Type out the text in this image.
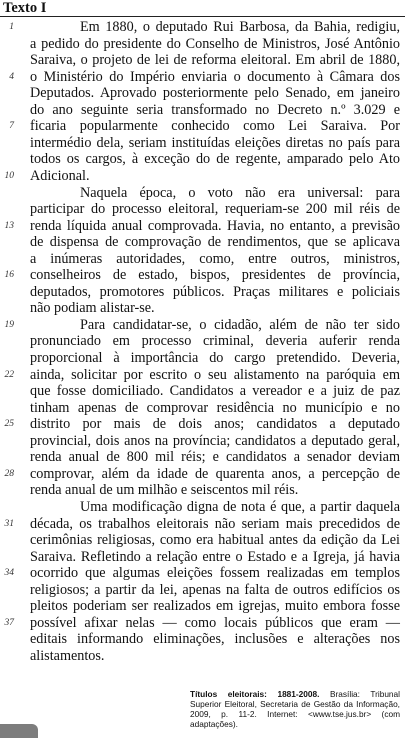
Texto I
1	Em 1880, o deputado Rui Barbosa, da Bahia, redigiu,
a pedido do presidente do Conselho de Ministros, José Antônio
Saraiva, o projeto de lei de reforma eleitoral. Em abril de 1880,
4 o Ministério do Império enviaria o documento à Câmara dos
Deputados. Aprovado posteriormente pelo Senado, em janeiro
do ano seguinte seria transformado no Decreto n.º 3.029 e
7 ficaria popularmente conhecido como Lei Saraiva. Por
intermédio dela, seriam instituídas eleições diretas no país para
todos os cargos, à exceção do de regente, amparado pelo Ato
10 Adicional.
Naquela época, o voto não era universal: para
participar do processo eleitoral, requeriam-se 200 mil réis de
13 renda líquida anual comprovada. Havia, no entanto, a previsão
de dispensa de comprovação de rendimentos, que se aplicava
a inúmeras autoridades, como, entre outros, ministros,
16 conselheiros de estado, bispos, presidentes de província,
deputados, promotores públicos. Praças militares e policiais
não podiam alistar-se.
19	Para candidatar-se, o cidadão, além de não ter sido
pronunciado em processo criminal, deveria auferir renda
proporcional à importância do cargo pretendido. Deveria,
22 ainda, solicitar por escrito o seu alistamento na paróquia em
que fosse domiciliado. Candidatos a vereador e a juiz de paz
tinham apenas de comprovar residência no município e no
25 distrito por mais de dois anos; candidatos a deputado
provincial, dois anos na província; candidatos a deputado geral,
renda anual de 800 mil réis; e candidatos a senador deviam
28 comprovar, além da idade de quarenta anos, a percepção de
renda anual de um milhão e seiscentos mil réis.
Uma modificação digna de nota é que, a partir daquela
31 década, os trabalhos eleitorais não seriam mais precedidos de
cerimônias religiosas, como era habitual antes da edição da Lei
Saraiva. Refletindo a relação entre o Estado e a Igreja, já havia
34 ocorrido que algumas eleições fossem realizadas em templos
religiosos; a partir da lei, apenas na falta de outros edifícios os
pleitos poderiam ser realizados em igrejas, muito embora fosse
37 possível afixar nelas — como locais públicos que eram —
editais informando eliminações, inclusões e alterações nos
alistamentos.
Títulos eleitorais: 1881-2008. Brasília: Tribunal Superior Eleitoral, Secretaria de Gestão da Informação, 2009, p. 11-2. Internet: <www.tse.jus.br> (com adaptações).
